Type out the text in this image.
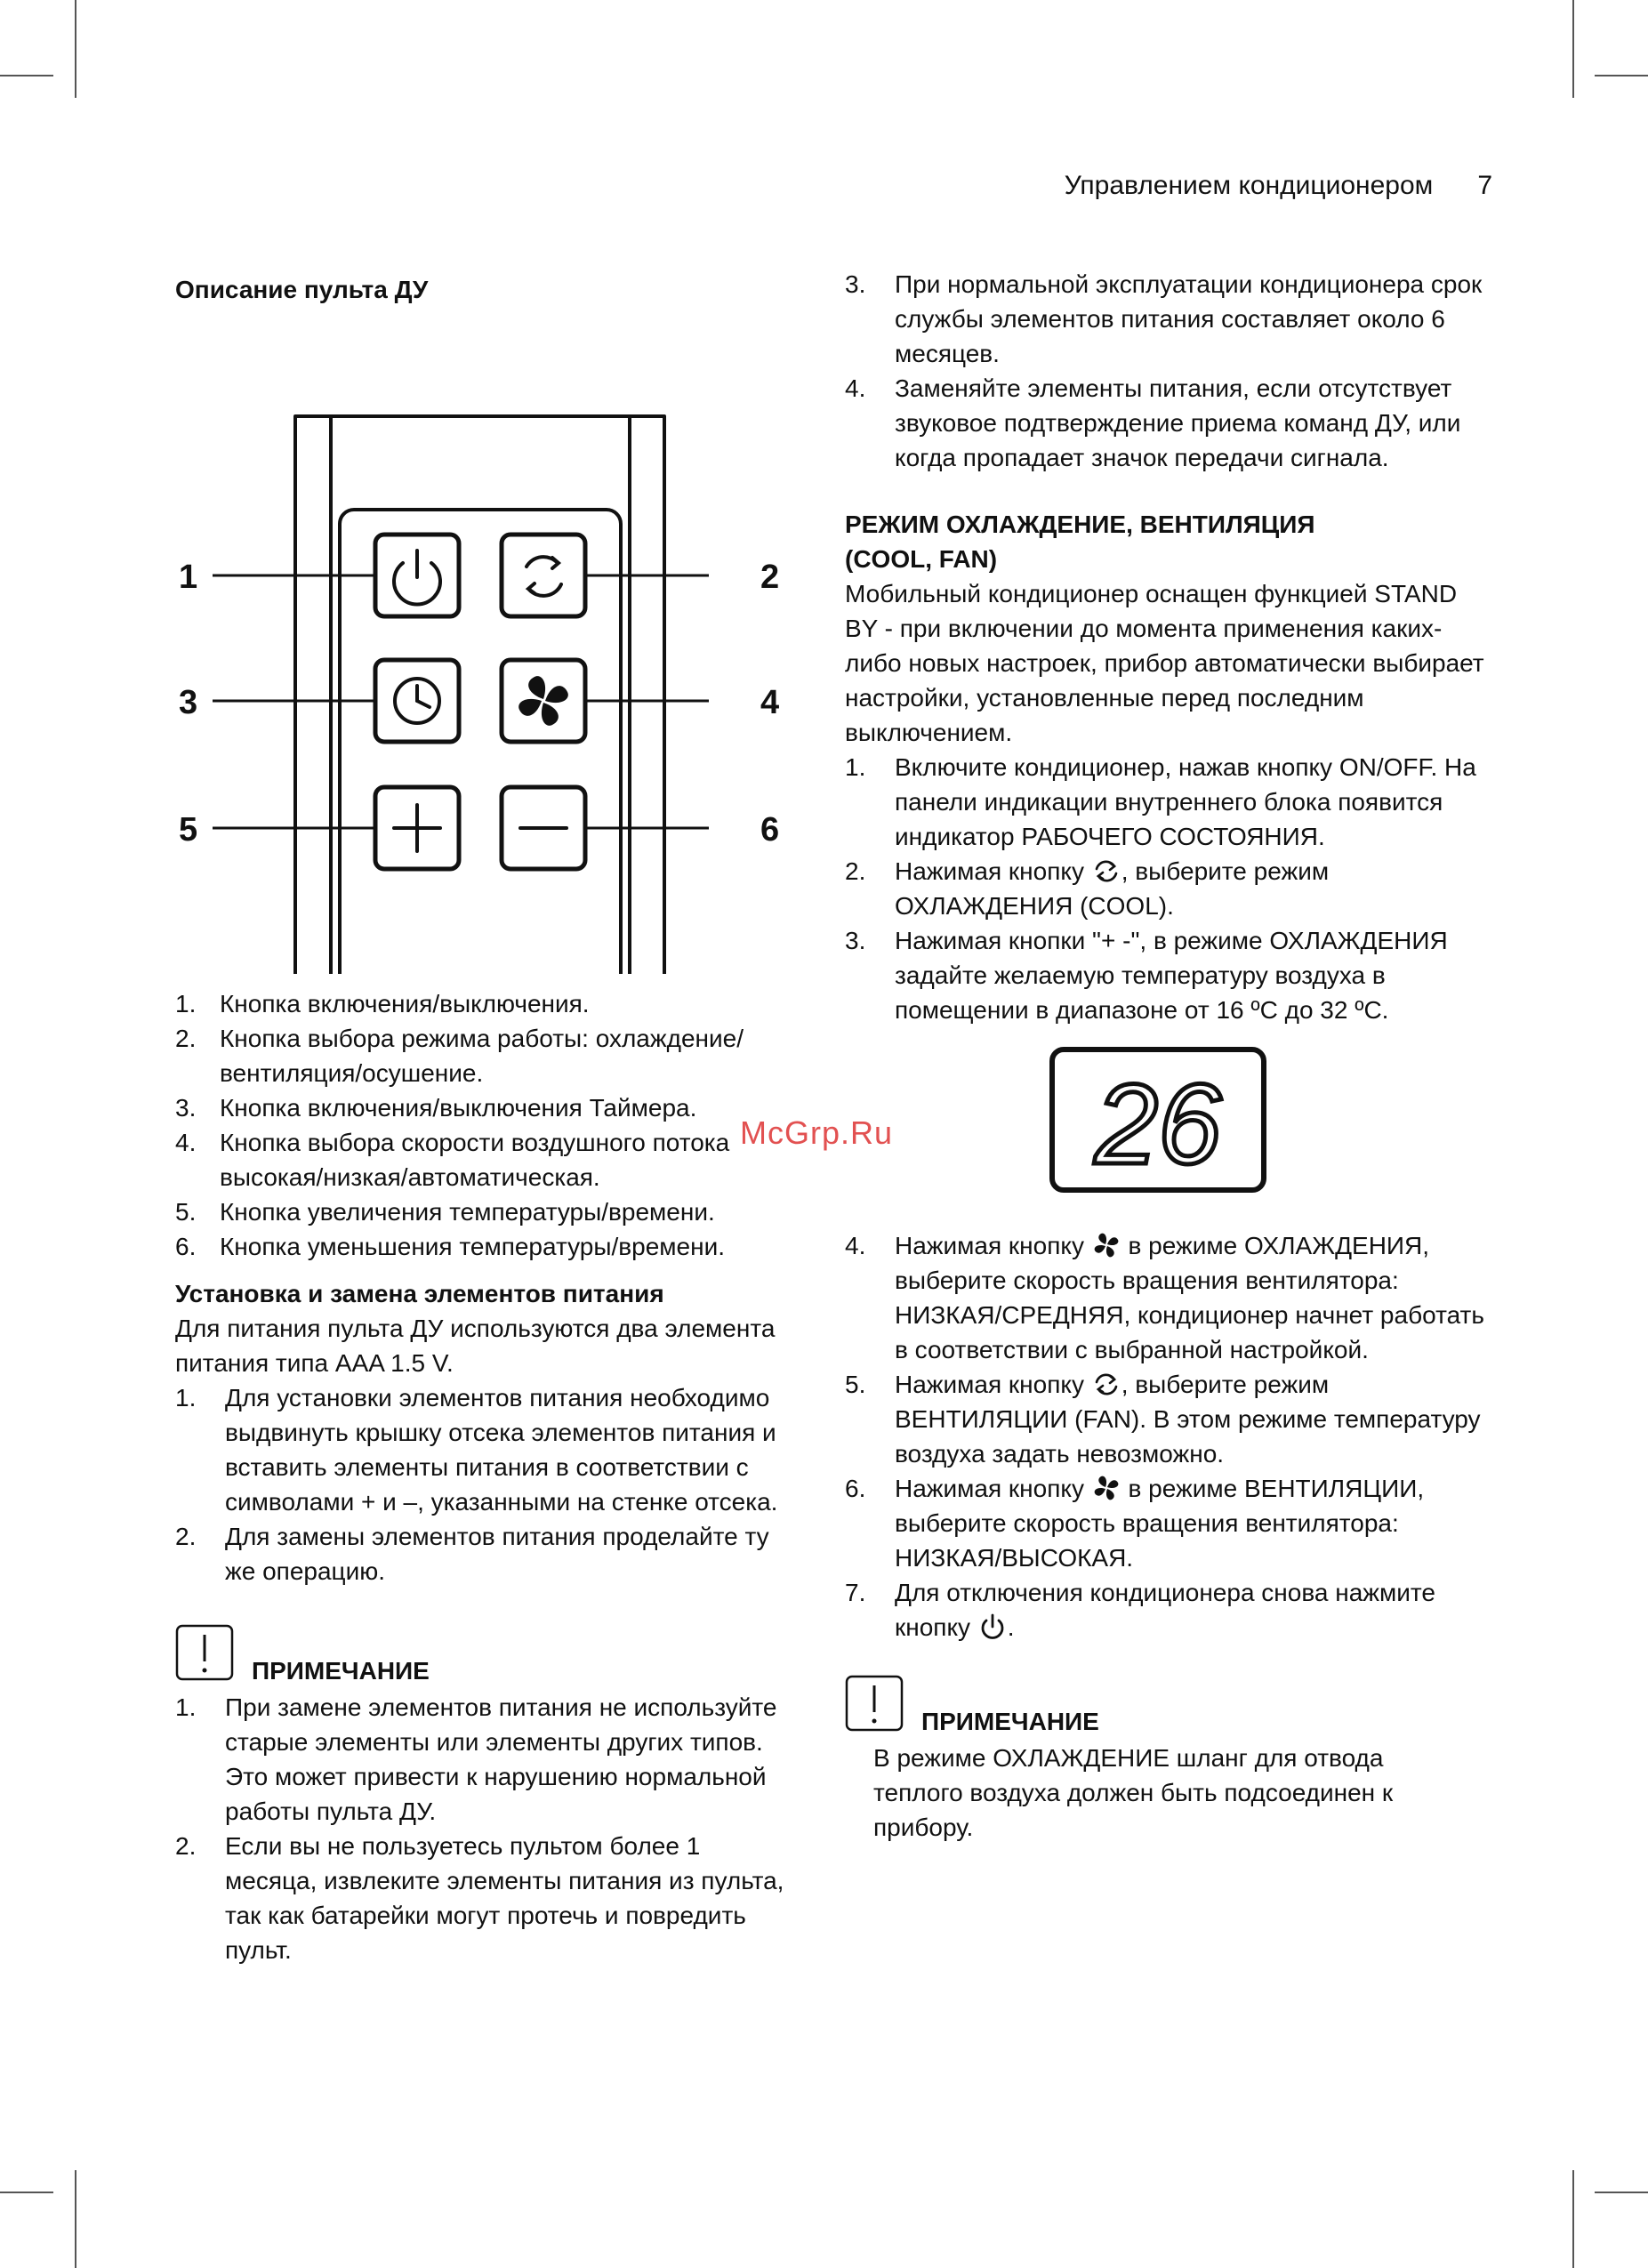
Управлением кондиционером 7
McGrp.Ru

Описание пульта ДУ

1	2
3	4
5	6
1. Кнопка включения/выключения.
2. Кнопка выбора режима работы: охлаждение/ вентиляция/осушение.
3. Кнопка включения/выключения Таймера.
4. Кнопка выбора скорости воздушного потока высокая/низкая/автоматическая.
5. Кнопка увеличения температуры/времени.
6. Кнопка уменьшения температуры/времени.

Установка и замена элементов питания

Для питания пульта ДУ используются два элемента питания типа AAA 1.5 V.

1. Для установки элементов питания необходимо выдвинуть крышку отсека элементов питания и вставить элементы питания в соответствии с символами + и –, указанными на стенке отсека.
2. Для замены элементов питания проделайте ту же операцию.
ПРИМЕЧАНИЕ
1. При замене элементов питания не используйте старые элементы или элементы других типов. Это может привести к нарушению нормальной работы пульта ДУ.
2. Если вы не пользуетесь пультом более 1 месяца, извлеките элементы питания из пульта, так как батарейки могут протечь и повредить пульт.
3. При нормальной эксплуатации кондиционера срок службы элементов питания составляет около 6 месяцев.
4. Заменяйте элементы питания, если отсутствует звуковое подтверждение приема команд ДУ, или когда пропадает значок передачи сигнала.

РЕЖИМ ОХЛАЖДЕНИЕ, ВЕНТИЛЯЦИЯ

(COOL, FAN)

Мобильный кондиционер оснащен функцией STAND BY - при включении до момента применения каких-либо новых настроек, прибор автоматически выбирает настройки, установленные перед последним выключением.

1. Включите кондиционер, нажав кнопку ON/OFF. На панели индикации внутреннего блока появится индикатор РАБОЧЕГО СОСТОЯНИЯ.
2. Нажимая кнопку , выберите режим ОХЛАЖДЕНИЯ (COOL).
3. Нажимая кнопки "+ -", в режиме ОХЛАЖДЕНИЯ задайте желаемую температуру воздуха в помещении в диапазоне от 16 ºС до 32 ºС.
26
4. Нажимая кнопку в режиме ОХЛАЖДЕНИЯ, выберите скорость вращения вентилятора: НИЗКАЯ/СРЕДНЯЯ, кондиционер начнет работать в соответствии с выбранной настройкой.
5. Нажимая кнопку , выберите режим ВЕНТИЛЯЦИИ (FAN). В этом режиме температуру воздуха задать невозможно.
6. Нажимая кнопку в режиме ВЕНТИЛЯЦИИ, выберите скорость вращения вентилятора: НИЗКАЯ/ВЫСОКАЯ.
7. Для отключения кондиционера снова нажмите кнопку .
ПРИМЕЧАНИЕ

В режиме ОХЛАЖДЕНИЕ шланг для отвода теплого воздуха должен быть подсоединен к прибору.
